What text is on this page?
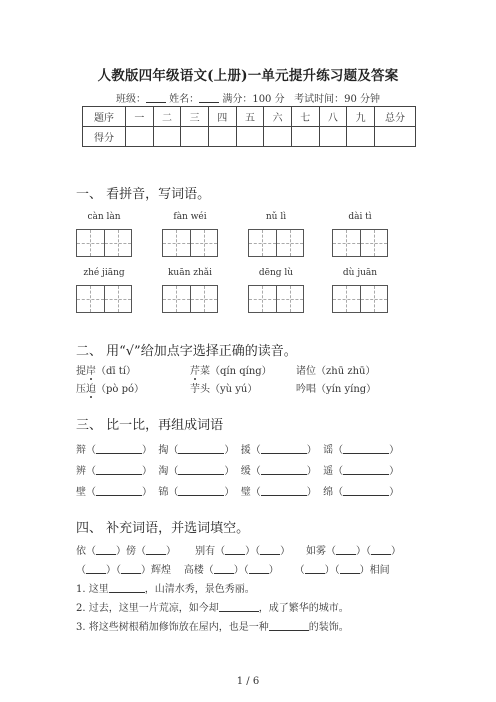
人教版四年级语文(上册)一单元提升练习题及答案
班级： 姓名： 满分：100 分 考试时间：90 分钟
题序	一	二	三	四	五	六	七	八	九	总分
得分										
一、 看拼音，写词语。
càn làn	fàn wéi	nǔ lì	dài tì
zhé jiāng	kuān zhǎi	dēng lù	dù juān
二、 用“√”给加点字选择正确的读音。
提岸（dī tí）	芹菜（qín qíng） 诸位（zhū zhū）
压迫（pò pó）	芋头（yù yú）	吟唱（yín yíng）
三、 比一比，再组成词语
辩（	） 掏（	） 援（	） 谣（	）
辨（	） 淘（	） 缓（	） 遥（	）
壁（	） 锦（	） 璧（	） 绵（	）
四、 补充词语，并选词填空。
依（ ）傍（ ） 别有（ ）（ ） 如雾（ ）（ ）
（ ）（ ）辉煌 高楼（ ）（ ） （ ）（ ）相间
1. 这里	，山清水秀，景色秀丽。
2. 过去，这里一片荒凉，如今却	，成了繁华的城市。
3. 将这些树根稍加修饰放在屋内，也是一种	的装饰。
1 / 6
